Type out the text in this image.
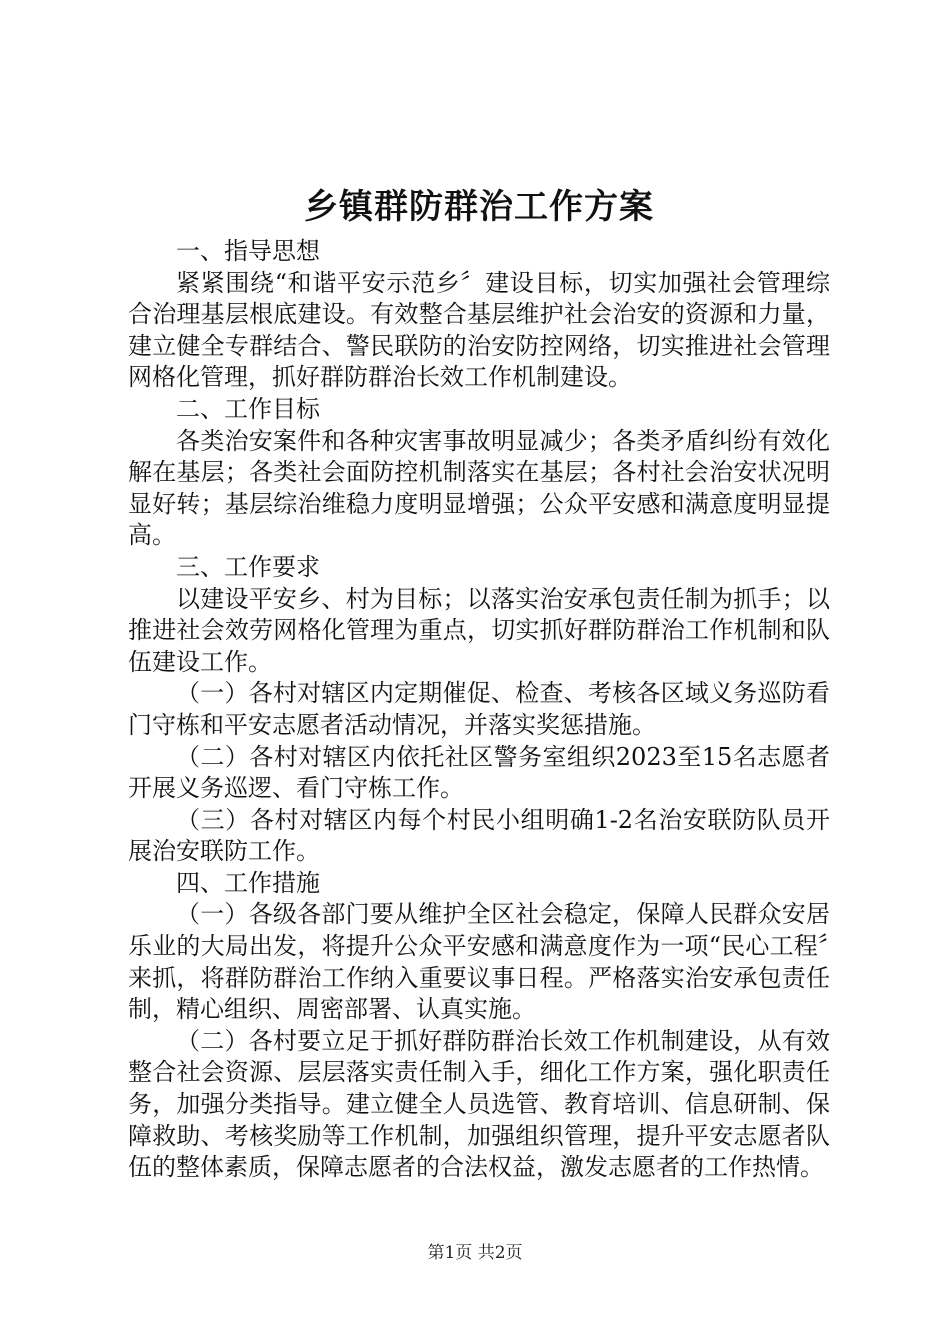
乡镇群防群治工作方案

一、指导思想

紧紧围绕“和谐平安示范乡〞建设目标，切实加强社会管理综合治理基层根底建设。有效整合基层维护社会治安的资源和力量，建立健全专群结合、警民联防的治安防控网络，切实推进社会管理网格化管理，抓好群防群治长效工作机制建设。

二、工作目标

各类治安案件和各种灾害事故明显减少；各类矛盾纠纷有效化解在基层；各类社会面防控机制落实在基层；各村社会治安状况明显好转；基层综治维稳力度明显增强；公众平安感和满意度明显提高。

三、工作要求

以建设平安乡、村为目标；以落实治安承包责任制为抓手；以推进社会效劳网格化管理为重点，切实抓好群防群治工作机制和队伍建设工作。

（一）各村对辖区内定期催促、检查、考核各区域义务巡防看门守栋和平安志愿者活动情况，并落实奖惩措施。

（二）各村对辖区内依托社区警务室组织2023至15名志愿者开展义务巡逻、看门守栋工作。

（三）各村对辖区内每个村民小组明确1-2名治安联防队员开展治安联防工作。

四、工作措施

（一）各级各部门要从维护全区社会稳定，保障人民群众安居乐业的大局出发，将提升公众平安感和满意度作为一项“民心工程〞来抓，将群防群治工作纳入重要议事日程。严格落实治安承包责任制，精心组织、周密部署、认真实施。

（二）各村要立足于抓好群防群治长效工作机制建设，从有效整合社会资源、层层落实责任制入手，细化工作方案，强化职责任务，加强分类指导。建立健全人员选管、教育培训、信息研制、保障救助、考核奖励等工作机制，加强组织管理，提升平安志愿者队伍的整体素质，保障志愿者的合法权益，激发志愿者的工作热情。

第1页 共2页
